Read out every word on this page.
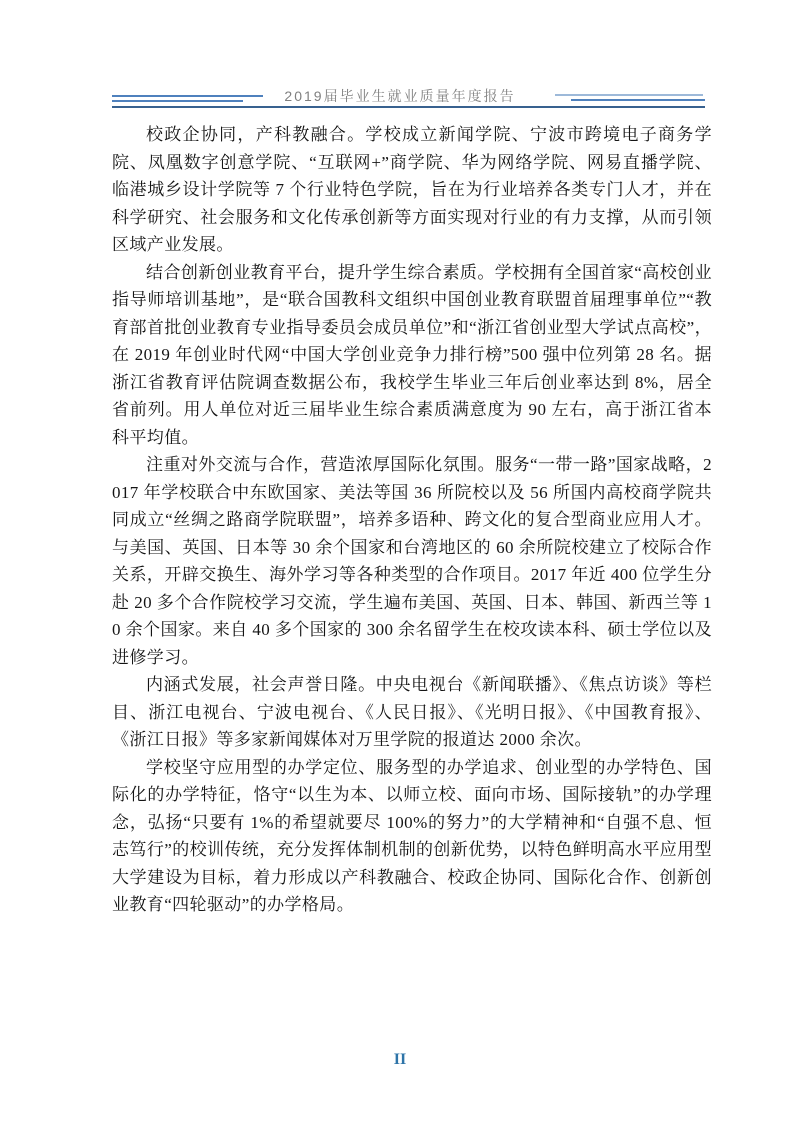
2019届毕业生就业质量年度报告

校政企协同，产科教融合。学校成立新闻学院、宁波市跨境电子商务学院、凤凰数字创意学院、“互联网+”商学院、华为网络学院、网易直播学院、临港城乡设计学院等 7 个行业特色学院，旨在为行业培养各类专门人才，并在科学研究、社会服务和文化传承创新等方面实现对行业的有力支撑，从而引领区域产业发展。

结合创新创业教育平台，提升学生综合素质。学校拥有全国首家“高校创业指导师培训基地”，是“联合国教科文组织中国创业教育联盟首届理事单位”“教育部首批创业教育专业指导委员会成员单位”和“浙江省创业型大学试点高校”，在 2019 年创业时代网“中国大学创业竞争力排行榜”500 强中位列第 28 名。据浙江省教育评估院调查数据公布，我校学生毕业三年后创业率达到 8%，居全省前列。用人单位对近三届毕业生综合素质满意度为 90 左右，高于浙江省本科平均值。

注重对外交流与合作，营造浓厚国际化氛围。服务“一带一路”国家战略，2017 年学校联合中东欧国家、美法等国 36 所院校以及 56 所国内高校商学院共同成立“丝绸之路商学院联盟”，培养多语种、跨文化的复合型商业应用人才。与美国、英国、日本等 30 余个国家和台湾地区的 60 余所院校建立了校际合作关系，开辟交换生、海外学习等各种类型的合作项目。2017 年近 400 位学生分赴 20 多个合作院校学习交流，学生遍布美国、英国、日本、韩国、新西兰等 10 余个国家。来自 40 多个国家的 300 余名留学生在校攻读本科、硕士学位以及进修学习。

内涵式发展，社会声誉日隆。中央电视台《新闻联播》、《焦点访谈》等栏目、浙江电视台、宁波电视台、《人民日报》、《光明日报》、《中国教育报》、《浙江日报》等多家新闻媒体对万里学院的报道达 2000 余次。

学校坚守应用型的办学定位、服务型的办学追求、创业型的办学特色、国际化的办学特征，恪守“以生为本、以师立校、面向市场、国际接轨”的办学理念，弘扬“只要有 1%的希望就要尽 100%的努力”的大学精神和“自强不息、恒志笃行”的校训传统，充分发挥体制机制的创新优势，以特色鲜明高水平应用型大学建设为目标，着力形成以产科教融合、校政企协同、国际化合作、创新创业教育“四轮驱动”的办学格局。

II
